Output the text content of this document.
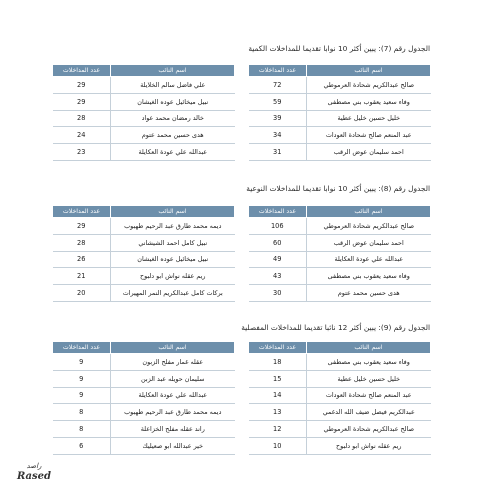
الجدول رقم (7): يبين أكثر 10 نوابا تقديما للمداخلات الكمية
اسم النائب	عدد المداخلات
صالح عبدالكريم شحادة العرموطي	72
وفاء سعيد يعقوب بني مصطفى	59
خليل حسين خليل عطية	39
عبد المنعم صالح شحادة العودات	34
احمد سليمان عوض الرقب	31
اسم النائب	عدد المداخلات
علي فاضل سالم الخلايلة	29
نبيل ميخائيل عوده الغيشان	29
خالد رمضان محمد عواد	28
هدى حسين محمد عتوم	24
عبدالله علي عودة العكايلة	23
الجدول رقم (8): يبين أكثر 10 نوابا تقديما للمداخلات النوعية
اسم النائب	عدد المداخلات
صالح عبدالكريم شحادة العرموطي	106
احمد سليمان عوض الرقب	60
عبدالله علي عودة العكايلة	49
وفاء سعيد يعقوب بني مصطفى	43
هدى حسين محمد عتوم	30
اسم النائب	عدد المداخلات
ديمه محمد طارق عبد الرحيم طهبوب	29
نبيل كامل احمد الشيشاني	28
نبيل ميخائيل عوده الغيشان	26
ريم عقله نواش ابو دلبوح	21
بركات كامل عبدالكريم النمر المهيرات	20
الجدول رقم (9): يبين أكثر 12 نائبا تقديما للمداخلات المفصلية
اسم النائب	عدد المداخلات
وفاء سعيد يعقوب بني مصطفى	18
خليل حسين خليل عطية	15
عبد المنعم صالح شحادة العودات	14
عبدالكريم فيصل ضيف الله الدغمي	13
صالح عبدالكريم شحادة العرموطي	12
ريم عقله نواش ابو دلبوح	10
اسم النائب	عدد المداخلات
عقله غمار مفلح الزبون	9
سليمان حويله عبد الزبن	9
عبدالله علي عودة العكايلة	9
ديمه محمد طارق عبد الرحيم طهبوب	8
راند عقله مفلح الخزاعلة	8
خير عبدالله ابو صعيليك	6
راصد
Rased
